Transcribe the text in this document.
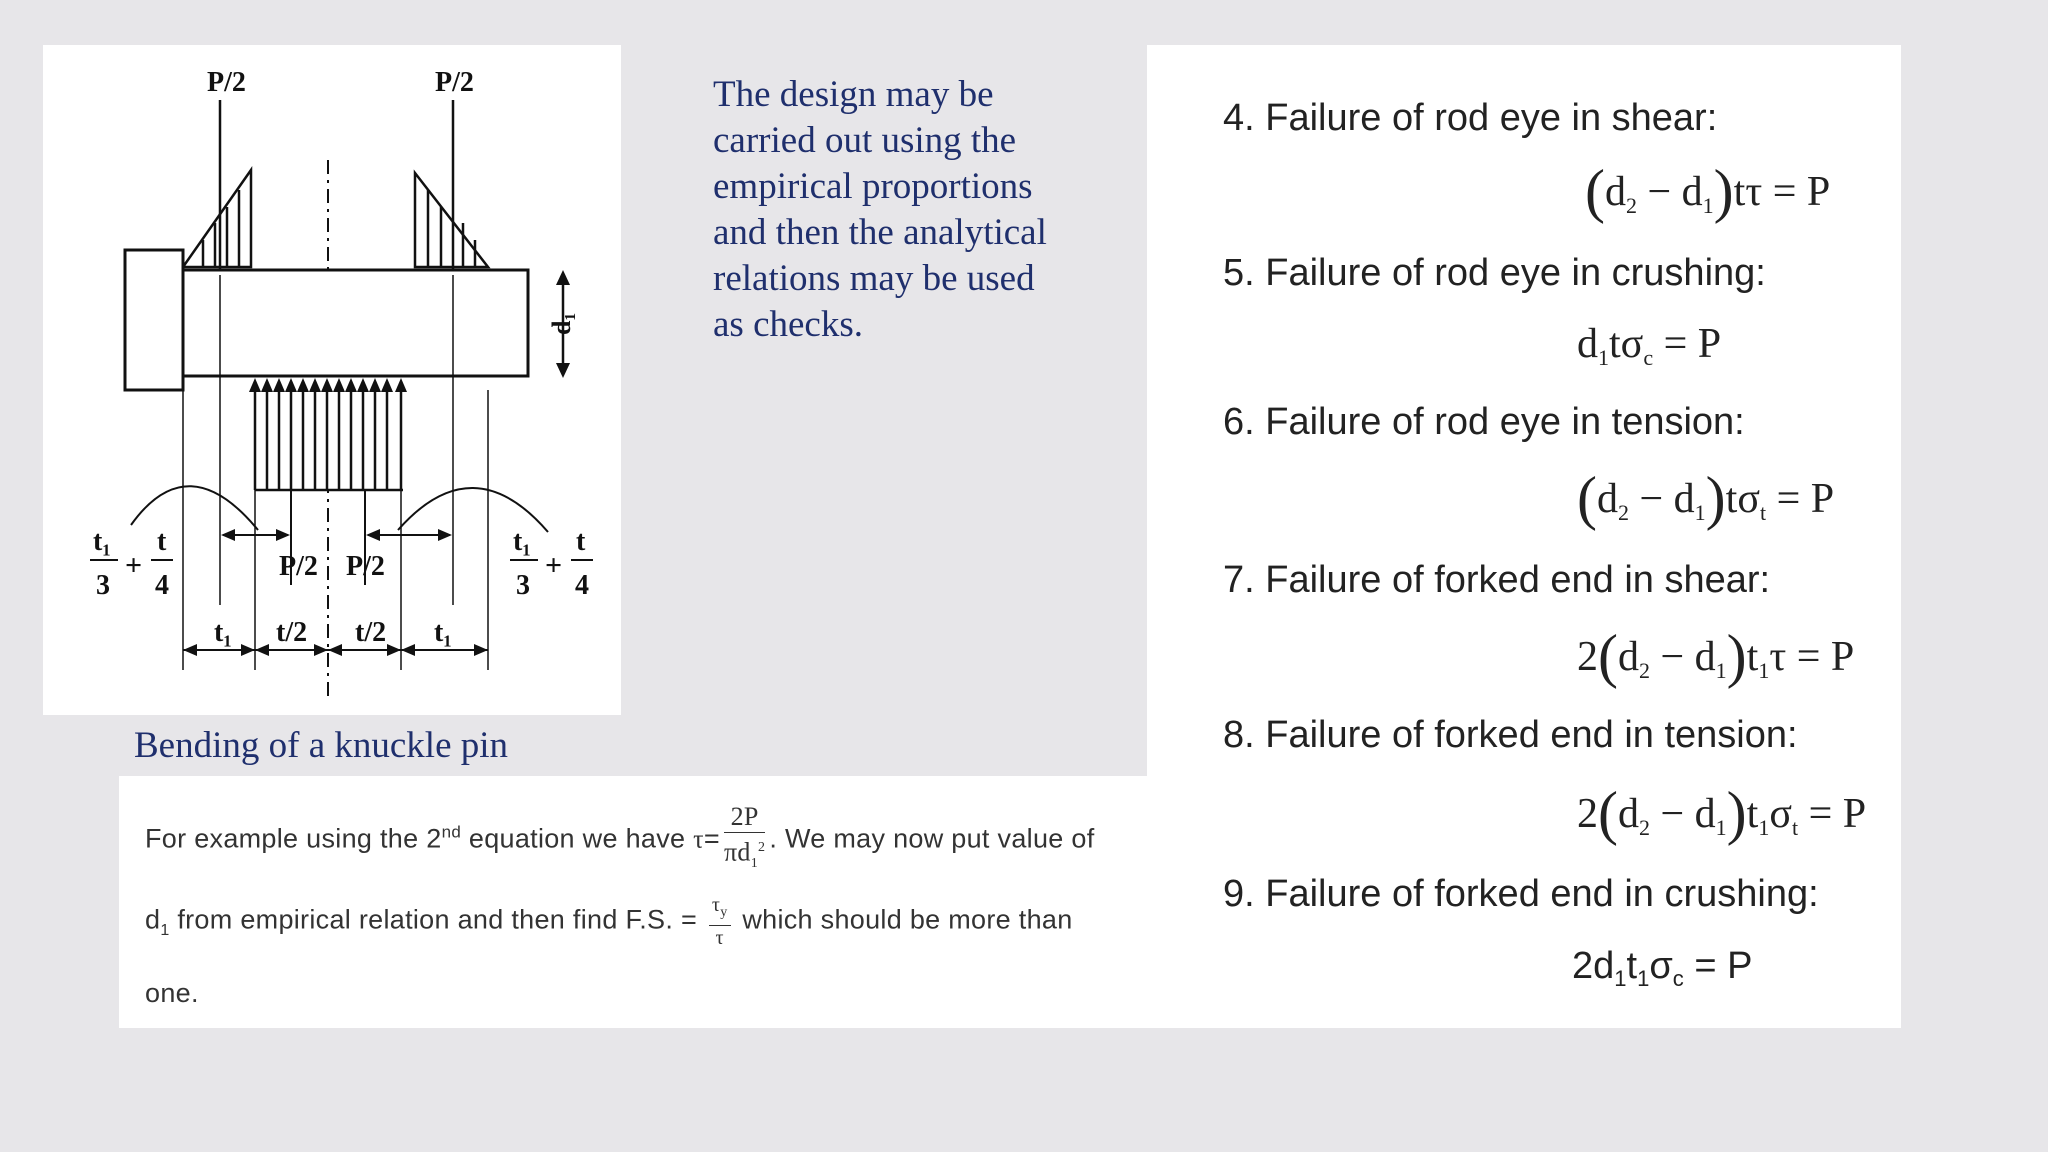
P/2	P/2
d₁
t₁
3
+
t
4
t₁
3
+
t
4
P/2 P/2
t₁ t/2 t/2 t₁
Bending of a knuckle pin
The design may be carried out using the empirical proportions and then the analytical relations may be used as checks.
4. Failure of rod eye in shear:
$(d_2 - d_1)t\tau = P$
5. Failure of rod eye in crushing:
$d_1t\sigma_c = P$
6. Failure of rod eye in tension:
$(d_2 - d_1)t\sigma_t = P$
7. Failure of forked end in shear:
$2(d_2 - d_1)t_1\tau = P$
8. Failure of forked end in tension:
$2(d_2 - d_1)t_1\sigma_t = P$
9. Failure of forked end in crushing:
$2d_1t_1\sigma_c = P$
For example using the 2nd equation we have $\tau= \frac{2P}{\pi d_1^2}$ . We may now put value of
$d_1$ from empirical relation and then find F.S. = $\frac{\tau_y}{\tau}$ which should be more than
one.
